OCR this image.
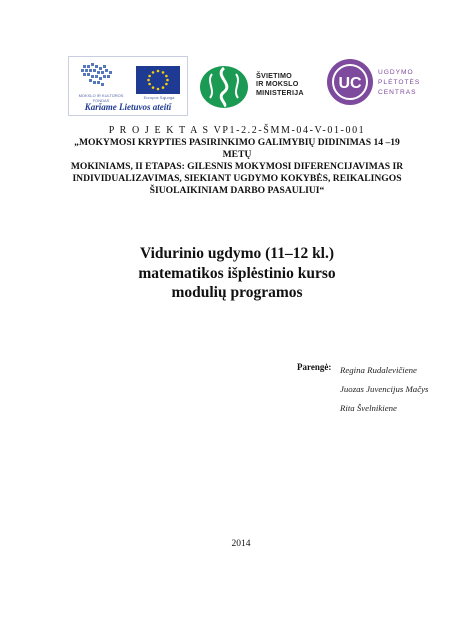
MOKSLO IR KULTŪROS FONDAS
Europos Sąjunga
Karĭame Lietuvos ateitĭ
ŠVIETIMO
IR MOKSLO
MINISTERIJA
UC
UGDYMO
PLĖTOTĖS
CENTRAS
P R O J E K T A S VP1-2.2-ŠMM-04-V-01-001
„MOKYMOSI KRYPTIES PASIRINKIMO GALIMYBIŲ DIDINIMAS 14 –19 METŲ
MOKINIAMS, II ETAPAS: GILESNIS MOKYMOSI DIFERENCIJAVIMAS IR
INDIVIDUALIZAVIMAS, SIEKIANT UGDYMO KOKYBĖS, REIKALINGOS
ŠIUOLAIKINIAM DARBO PASAULIUI“
Vidurinio ugdymo (11–12 kl.)
matematikos išplėstinio kurso
modulių programos
Parengė: Regina Rudalevičiene
Juozas Juvencijus Mačys
Rita Švelnikiene
2014
